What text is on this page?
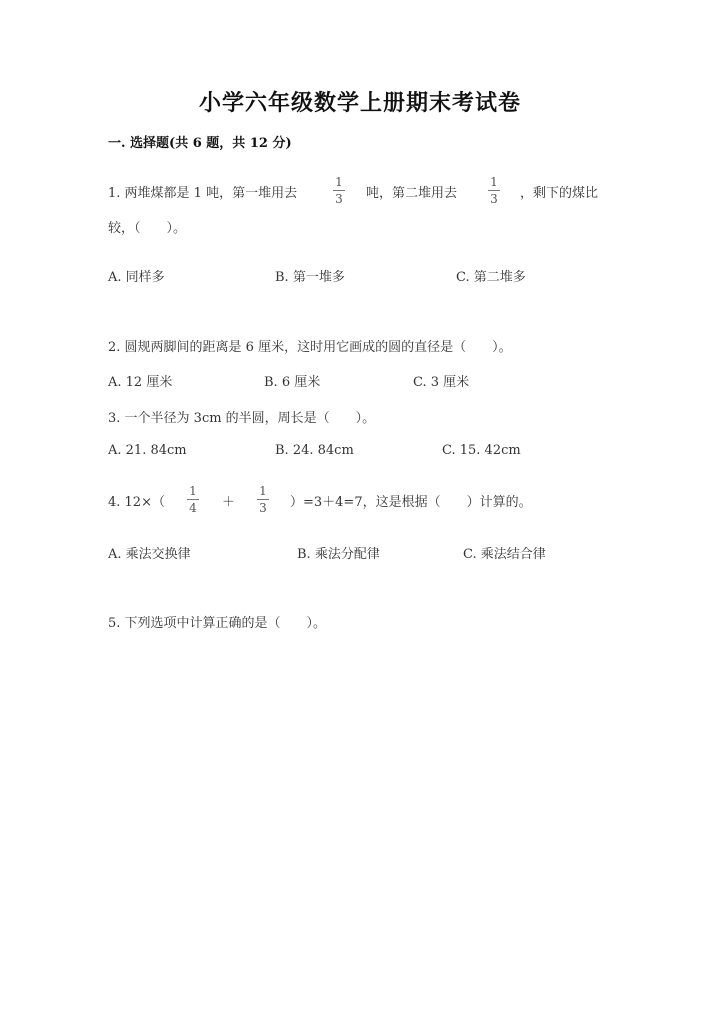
小学六年级数学上册期末考试卷
一. 选择题(共 6 题，共 12 分)
1. 两堆煤都是 1 吨，第一堆用去
1
3 吨，第二堆用去
1
3 ，剩下的煤比
较，（　　）。
A. 同样多	B. 第一堆多	C. 第二堆多
2. 圆规两脚间的距离是 6 厘米，这时用它画成的圆的直径是（　　）。
A. 12 厘米	B. 6 厘米	C. 3 厘米
3. 一个半径为 3cm 的半圆，周长是（　　）。
A. 21. 84cm	B. 24. 84cm	C. 15. 42cm
4. 12×（
1
4 ＋
1
3 ）=3＋4=7，这是根据（　　）计算的。
A. 乘法交换律	B. 乘法分配律	C. 乘法结合律
5. 下列选项中计算正确的是（　　）。
